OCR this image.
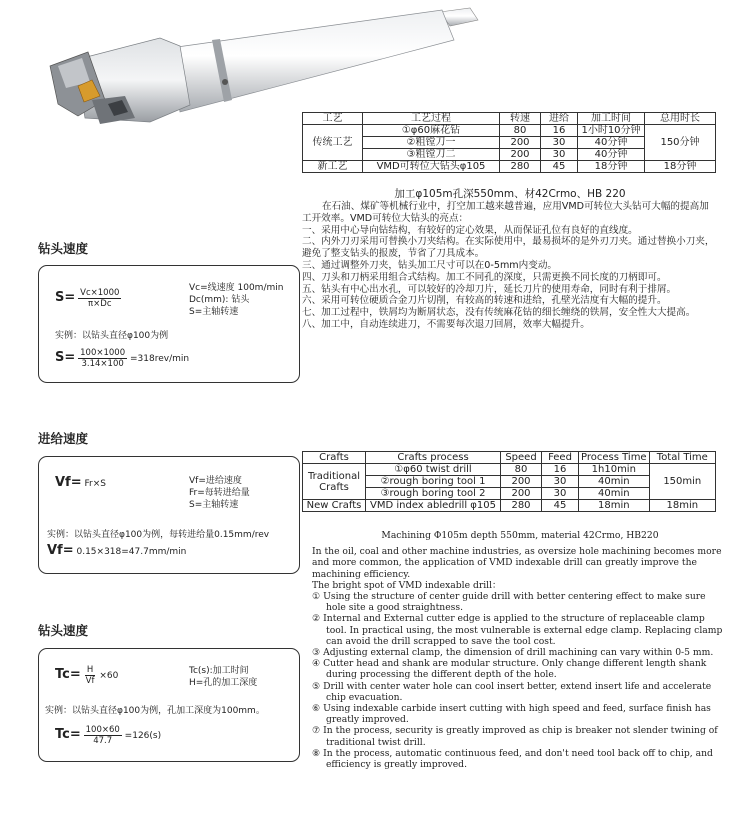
工艺	工艺过程	转速	进给	加工时间	总用时长
传统工艺	①φ60麻花钻	80	16	1小时10分钟	150分钟
	②粗镗刀一	200	30	40分钟	
	③粗镗刀二	200	30	40分钟	
新工艺	VMD可转位大钻头φ105	280	45	18分钟	18分钟
加工φ105m孔深550mm、材42Crmo、HB 220
在石油、煤矿等机械行业中，打空加工越来越普遍，应用VMD可转位大头钻可大幅的提高加工开效率。VMD可转位大钻头的亮点：
一、采用中心导向钻结构，有较好的定心效果，从而保证孔位有良好的直线度。
二、内外刀刃采用可替换小刀夹结构。在实际使用中，最易损坏的是外刃刀夹。通过替换小刀夹，避免了整支钻头的报废，节省了刀具成本。
三、通过调整外刀夹，钻头加工尺寸可以在0-5mm内变动。
四、刀头和刀柄采用组合式结构。加工不同孔的深度，只需更换不同长度的刀柄即可。
五、钻头有中心出水孔，可以较好的冷却刀片，延长刀片的使用寿命，同时有利于排屑。
六、采用可转位硬质合金刀片切削，有较高的转速和进给，孔壁光洁度有大幅的提升。
七、加工过程中，铁屑均为断屑状态，没有传统麻花钻的细长缠绕的铁屑，安全性大大提高。
八、加工中，自动连续进刀，不需要每次退刀回屑，效率大幅提升。
钻头速度
$S= \frac{Vc\times 1000}{\pi\times Dc}$	Vc=线速度 100m/min
Dc(mm): 钻头
S=主轴转速
实例：以钻头直径φ100为例
$S= \frac{100\times 1000}{3.14\times 100} =318rev/\min$
进给速度
Vf= Fr×S	Vf=进给速度
Fr=每转进给量
S=主轴转速
实例：以钻头直径φ100为例，每转进给量0.15mm/rev
Vf= 0.15×318=47.7mm/min
钻头速度
$Tc= \frac{H}{Vf} \times 60$	Tc(s):加工时间
H=孔的加工深度
实例：以钻头直径φ100为例，孔加工深度为100mm。
$Tc= \frac{100\times 60}{47.7} =126(s)$
Crafts	Crafts process	Speed	Feed	Process Time	Total Time
Traditional Crafts	①φ60 twist drill	80	16	1h10min	150min
	②rough boring tool 1	200	30	40min	
	③rough boring tool 2	200	30	40min	
New Crafts	VMD index abledrill φ105	280	45	18min	18min
Machining Φ105m depth 550mm, material 42Crmo, HB220
In the oil, coal and other machine industries, as oversize hole machining becomes more and more common, the application of VMD indexable drill can greatly improve the machining efficiency.
The bright spot of VMD indexable drill：
① Using the structure of center guide drill with better centering effect to make sure hole site a good straightness.
② Internal and External cutter edge is applied to the structure of replaceable clamp tool. In practical using, the most vulnerable is external edge clamp. Replacing clamp can avoid the drill scrapped to save the tool cost.
③ Adjusting external clamp, the dimension of drill machining can vary within 0-5 mm.
④ Cutter head and shank are modular structure. Only change different length shank during processing the different depth of the hole.
⑤ Drill with center water hole can cool insert better, extend insert life and accelerate chip evacuation.
⑥ Using indexable carbide insert cutting with high speed and feed, surface finish has greatly improved.
⑦ In the process, security is greatly improved as chip is breaker not slender twining of traditional twist drill.
⑧ In the process, automatic continuous feed, and don't need tool back off to chip, and efficiency is greatly improved.
